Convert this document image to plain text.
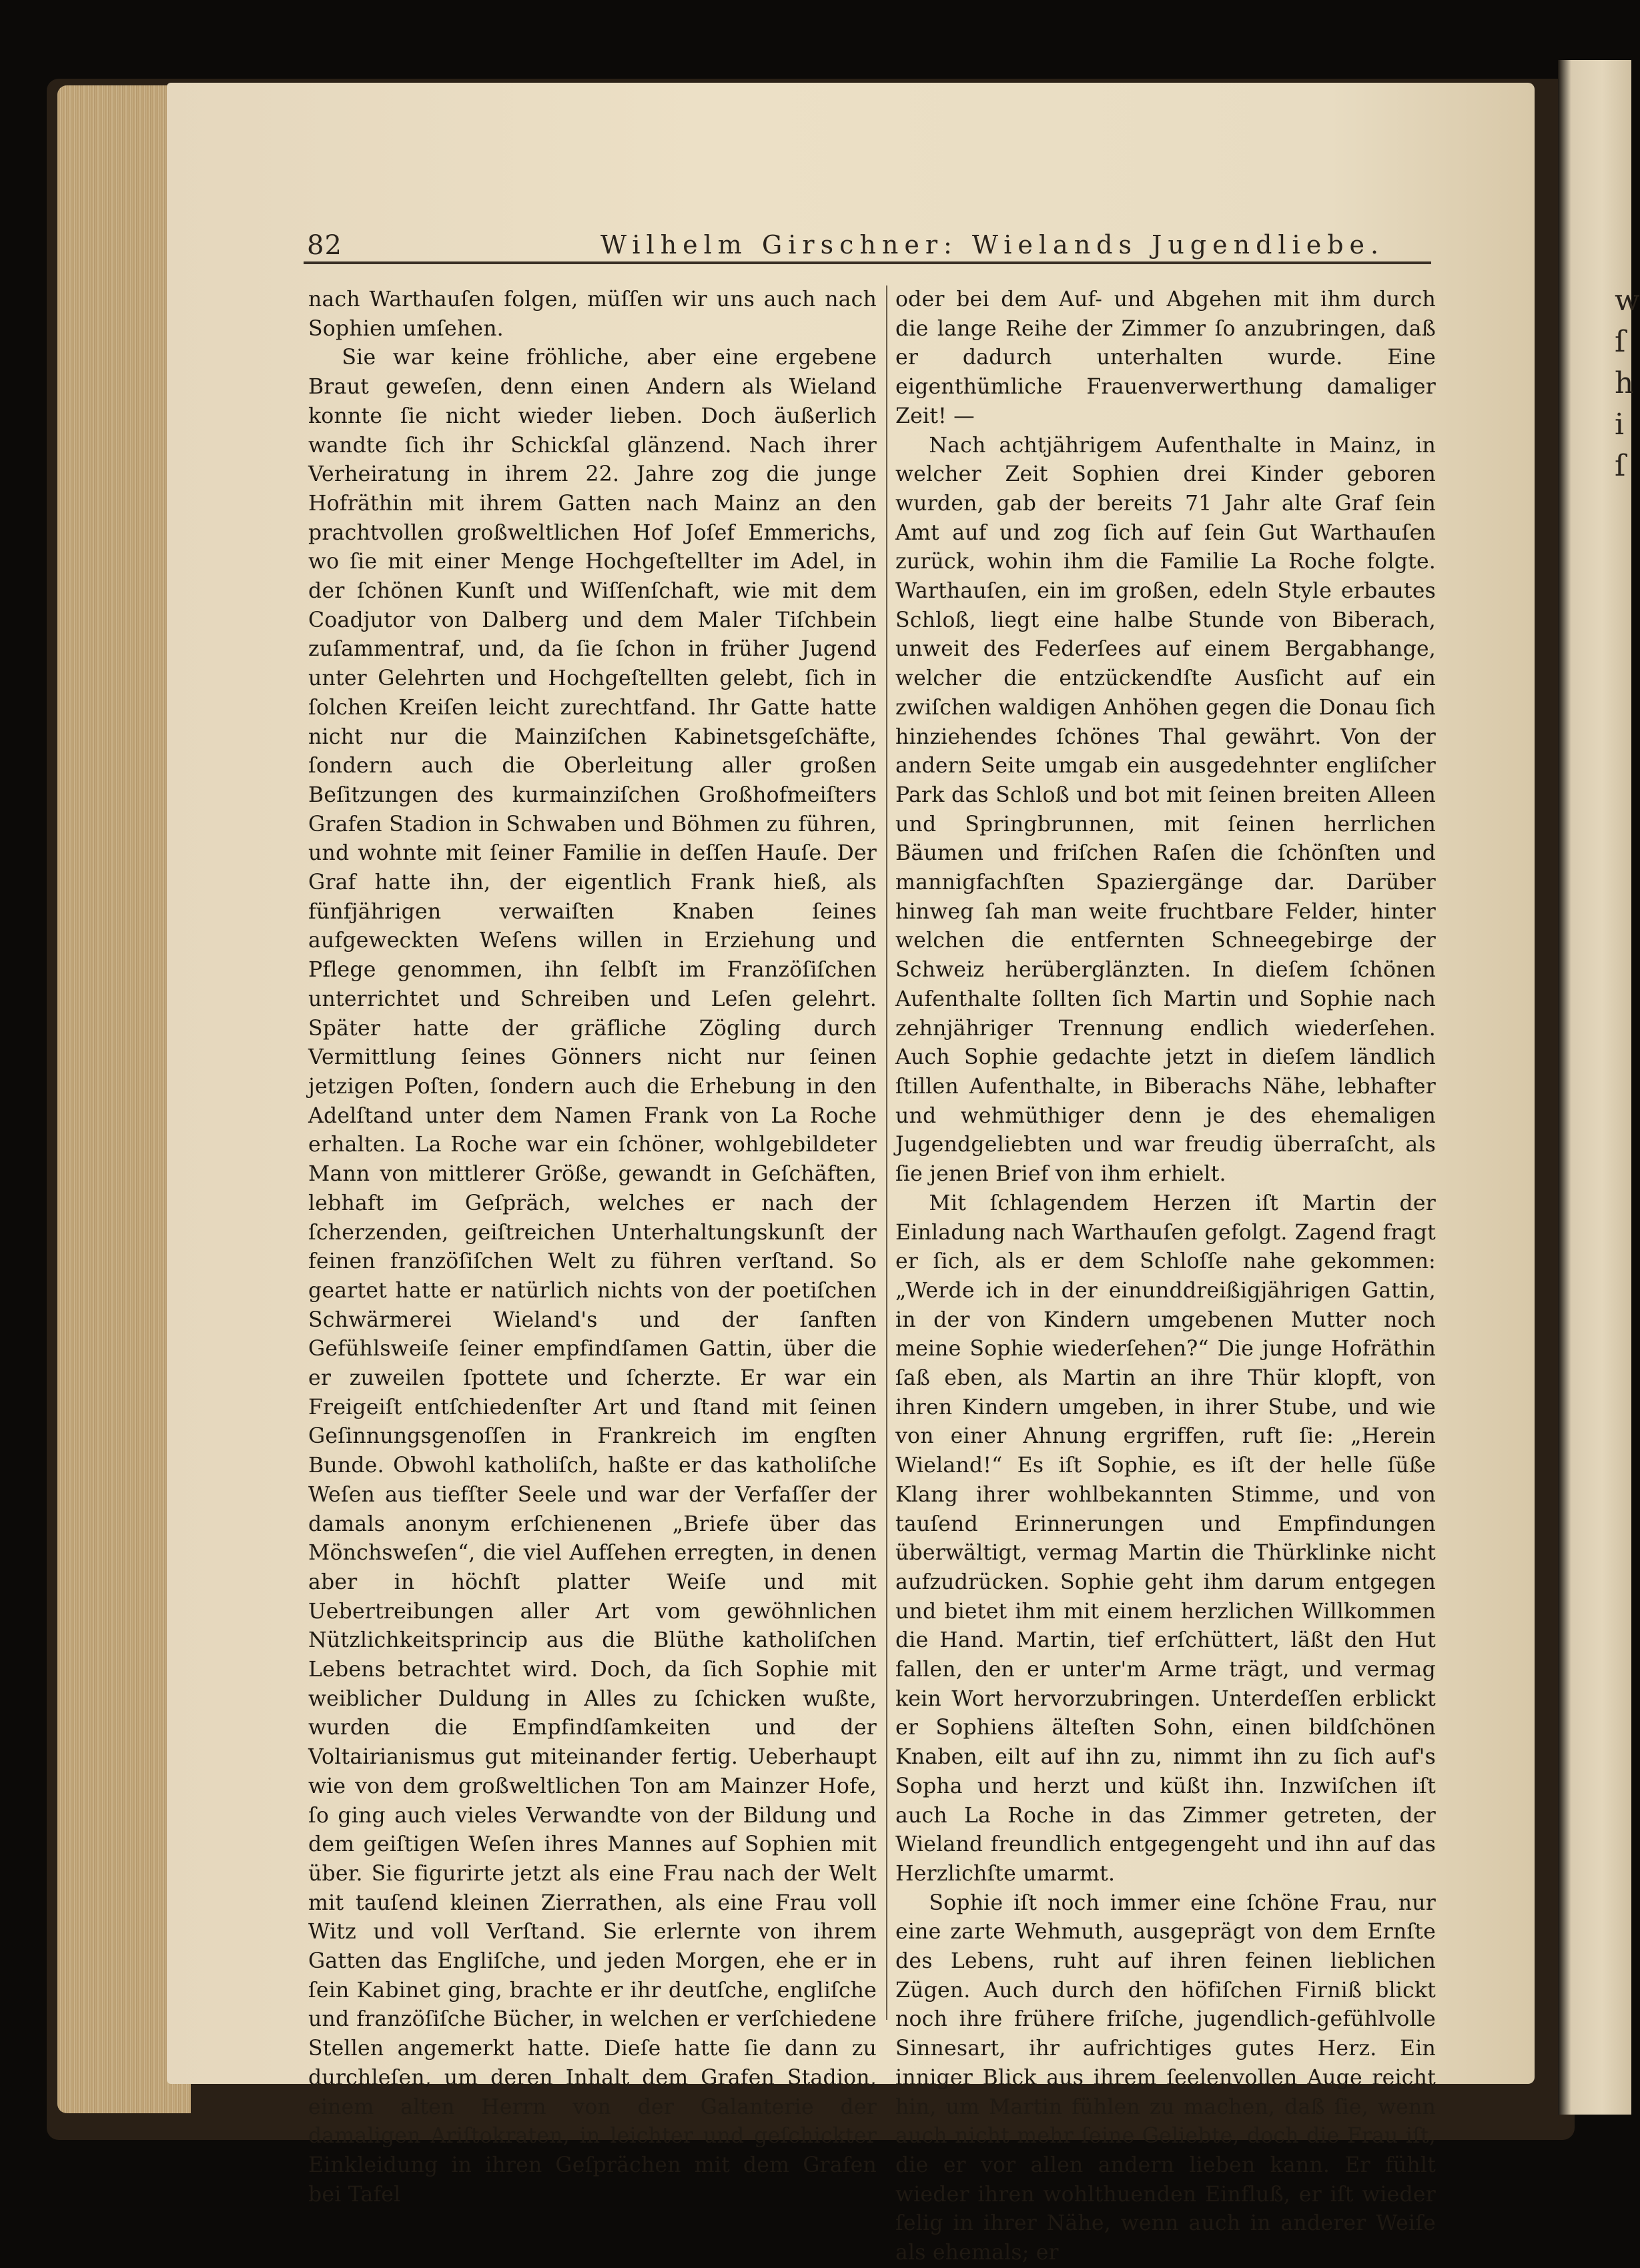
w
ſ
h
i
ſ
82	Wilhelm Girschner: Wielands Jugendliebe.

nach Warthauſen folgen, müſſen wir uns auch nach Sophien umſehen.

Sie war keine fröhliche, aber eine ergebene Braut geweſen, denn einen Andern als Wieland konnte ſie nicht wieder lieben. Doch äußerlich wandte ſich ihr Schickſal glänzend. Nach ihrer Verheiratung in ihrem 22. Jahre zog die junge Hofräthin mit ihrem Gatten nach Mainz an den prachtvollen großweltlichen Hof Joſef Emmerichs, wo ſie mit einer Menge Hochgeſtellter im Adel, in der ſchönen Kunſt und Wiſſenſchaft, wie mit dem Coadjutor von Dalberg und dem Maler Tiſchbein zuſammentraf, und, da ſie ſchon in früher Jugend unter Gelehrten und Hochgeſtellten gelebt, ſich in ſolchen Kreiſen leicht zurechtfand. Ihr Gatte hatte nicht nur die Mainziſchen Kabinetsgeſchäfte, ſondern auch die Oberleitung aller großen Beſitzungen des kurmainziſchen Großhofmeiſters Grafen Stadion in Schwaben und Böhmen zu führen, und wohnte mit ſeiner Familie in deſſen Hauſe. Der Graf hatte ihn, der eigentlich Frank hieß, als fünfjährigen verwaiſten Knaben ſeines aufgeweckten Weſens willen in Erziehung und Pflege genommen, ihn ſelbſt im Franzöſiſchen unterrichtet und Schreiben und Leſen gelehrt. Später hatte der gräfliche Zögling durch Vermittlung ſeines Gönners nicht nur ſeinen jetzigen Poſten, ſondern auch die Erhebung in den Adelſtand unter dem Namen Frank von La Roche erhalten. La Roche war ein ſchöner, wohlgebildeter Mann von mittlerer Größe, gewandt in Geſchäften, lebhaft im Geſpräch, welches er nach der ſcherzenden, geiſtreichen Unterhaltungskunſt der feinen franzöſiſchen Welt zu führen verſtand. So geartet hatte er natürlich nichts von der poetiſchen Schwärmerei Wieland's und der ſanften Gefühlsweiſe ſeiner empfindſamen Gattin, über die er zuweilen ſpottete und ſcherzte. Er war ein Freigeiſt entſchiedenſter Art und ſtand mit ſeinen Geſinnungsgenoſſen in Frankreich im engſten Bunde. Obwohl katholiſch, haßte er das katholiſche Weſen aus tiefſter Seele und war der Verfaſſer der damals anonym erſchienenen „Briefe über das Mönchsweſen“, die viel Aufſehen erregten, in denen aber in höchſt platter Weiſe und mit Uebertreibungen aller Art vom gewöhnlichen Nützlichkeitsprincip aus die Blüthe katholiſchen Lebens betrachtet wird. Doch, da ſich Sophie mit weiblicher Duldung in Alles zu ſchicken wußte, wurden die Empfindſamkeiten und der Voltairianismus gut miteinander fertig. Ueberhaupt wie von dem großweltlichen Ton am Mainzer Hofe, ſo ging auch vieles Verwandte von der Bildung und dem geiſtigen Weſen ihres Mannes auf Sophien mit über. Sie figurirte jetzt als eine Frau nach der Welt mit tauſend kleinen Zierrathen, als eine Frau voll Witz und voll Verſtand. Sie erlernte von ihrem Gatten das Engliſche, und jeden Morgen, ehe er in ſein Kabinet ging, brachte er ihr deutſche, engliſche und franzöſiſche Bücher, in welchen er verſchiedene Stellen angemerkt hatte. Dieſe hatte ſie dann zu durchleſen, um deren Inhalt dem Grafen Stadion, einem alten Herrn von der Galanterie der damaligen Ariſtokraten, in leichter und geſchickter Einkleidung in ihren Geſprächen mit dem Grafen bei Tafel

oder bei dem Auf- und Abgehen mit ihm durch die lange Reihe der Zimmer ſo anzubringen, daß er dadurch unterhalten wurde. Eine eigenthümliche Frauenverwerthung damaliger Zeit! —

Nach achtjährigem Aufenthalte in Mainz, in welcher Zeit Sophien drei Kinder geboren wurden, gab der bereits 71 Jahr alte Graf ſein Amt auf und zog ſich auf ſein Gut Warthauſen zurück, wohin ihm die Familie La Roche folgte. Warthauſen, ein im großen, edeln Style erbautes Schloß, liegt eine halbe Stunde von Biberach, unweit des Federſees auf einem Bergabhange, welcher die entzückendſte Ausſicht auf ein zwiſchen waldigen Anhöhen gegen die Donau ſich hinziehendes ſchönes Thal gewährt. Von der andern Seite umgab ein ausgedehnter engliſcher Park das Schloß und bot mit ſeinen breiten Alleen und Springbrunnen, mit ſeinen herrlichen Bäumen und friſchen Raſen die ſchönſten und mannigfachſten Spaziergänge dar. Darüber hinweg ſah man weite fruchtbare Felder, hinter welchen die entfernten Schneegebirge der Schweiz herüberglänzten. In dieſem ſchönen Aufenthalte ſollten ſich Martin und Sophie nach zehnjähriger Trennung endlich wiederſehen. Auch Sophie gedachte jetzt in dieſem ländlich ſtillen Aufenthalte, in Biberachs Nähe, lebhafter und wehmüthiger denn je des ehemaligen Jugendgeliebten und war freudig überraſcht, als ſie jenen Brief von ihm erhielt.

Mit ſchlagendem Herzen iſt Martin der Einladung nach Warthauſen gefolgt. Zagend fragt er ſich, als er dem Schloſſe nahe gekommen: „Werde ich in der einunddreißigjährigen Gattin, in der von Kindern umgebenen Mutter noch meine Sophie wiederſehen?“ Die junge Hofräthin ſaß eben, als Martin an ihre Thür klopft, von ihren Kindern umgeben, in ihrer Stube, und wie von einer Ahnung ergriffen, ruft ſie: „Herein Wieland!“ Es iſt Sophie, es iſt der helle ſüße Klang ihrer wohlbekannten Stimme, und von tauſend Erinnerungen und Empfindungen überwältigt, vermag Martin die Thürklinke nicht aufzudrücken. Sophie geht ihm darum entgegen und bietet ihm mit einem herzlichen Willkommen die Hand. Martin, tief erſchüttert, läßt den Hut fallen, den er unter'm Arme trägt, und vermag kein Wort hervorzubringen. Unterdeſſen erblickt er Sophiens älteſten Sohn, einen bildſchönen Knaben, eilt auf ihn zu, nimmt ihn zu ſich auf's Sopha und herzt und küßt ihn. Inzwiſchen iſt auch La Roche in das Zimmer getreten, der Wieland freundlich entgegengeht und ihn auf das Herzlichſte umarmt.

Sophie iſt noch immer eine ſchöne Frau, nur eine zarte Wehmuth, ausgeprägt von dem Ernſte des Lebens, ruht auf ihren feinen lieblichen Zügen. Auch durch den höfiſchen Firniß blickt noch ihre frühere friſche, jugendlich-gefühlvolle Sinnesart, ihr aufrichtiges gutes Herz. Ein inniger Blick aus ihrem ſeelenvollen Auge reicht hin, um Martin fühlen zu machen, daß ſie, wenn auch nicht mehr ſeine Geliebte, doch die Frau iſt, die er vor allen andern lieben kann. Er fühlt wieder ihren wohlthuenden Einfluß, er iſt wieder ſelig in ihrer Nähe, wenn auch in anderer Weiſe als ehemals; er
